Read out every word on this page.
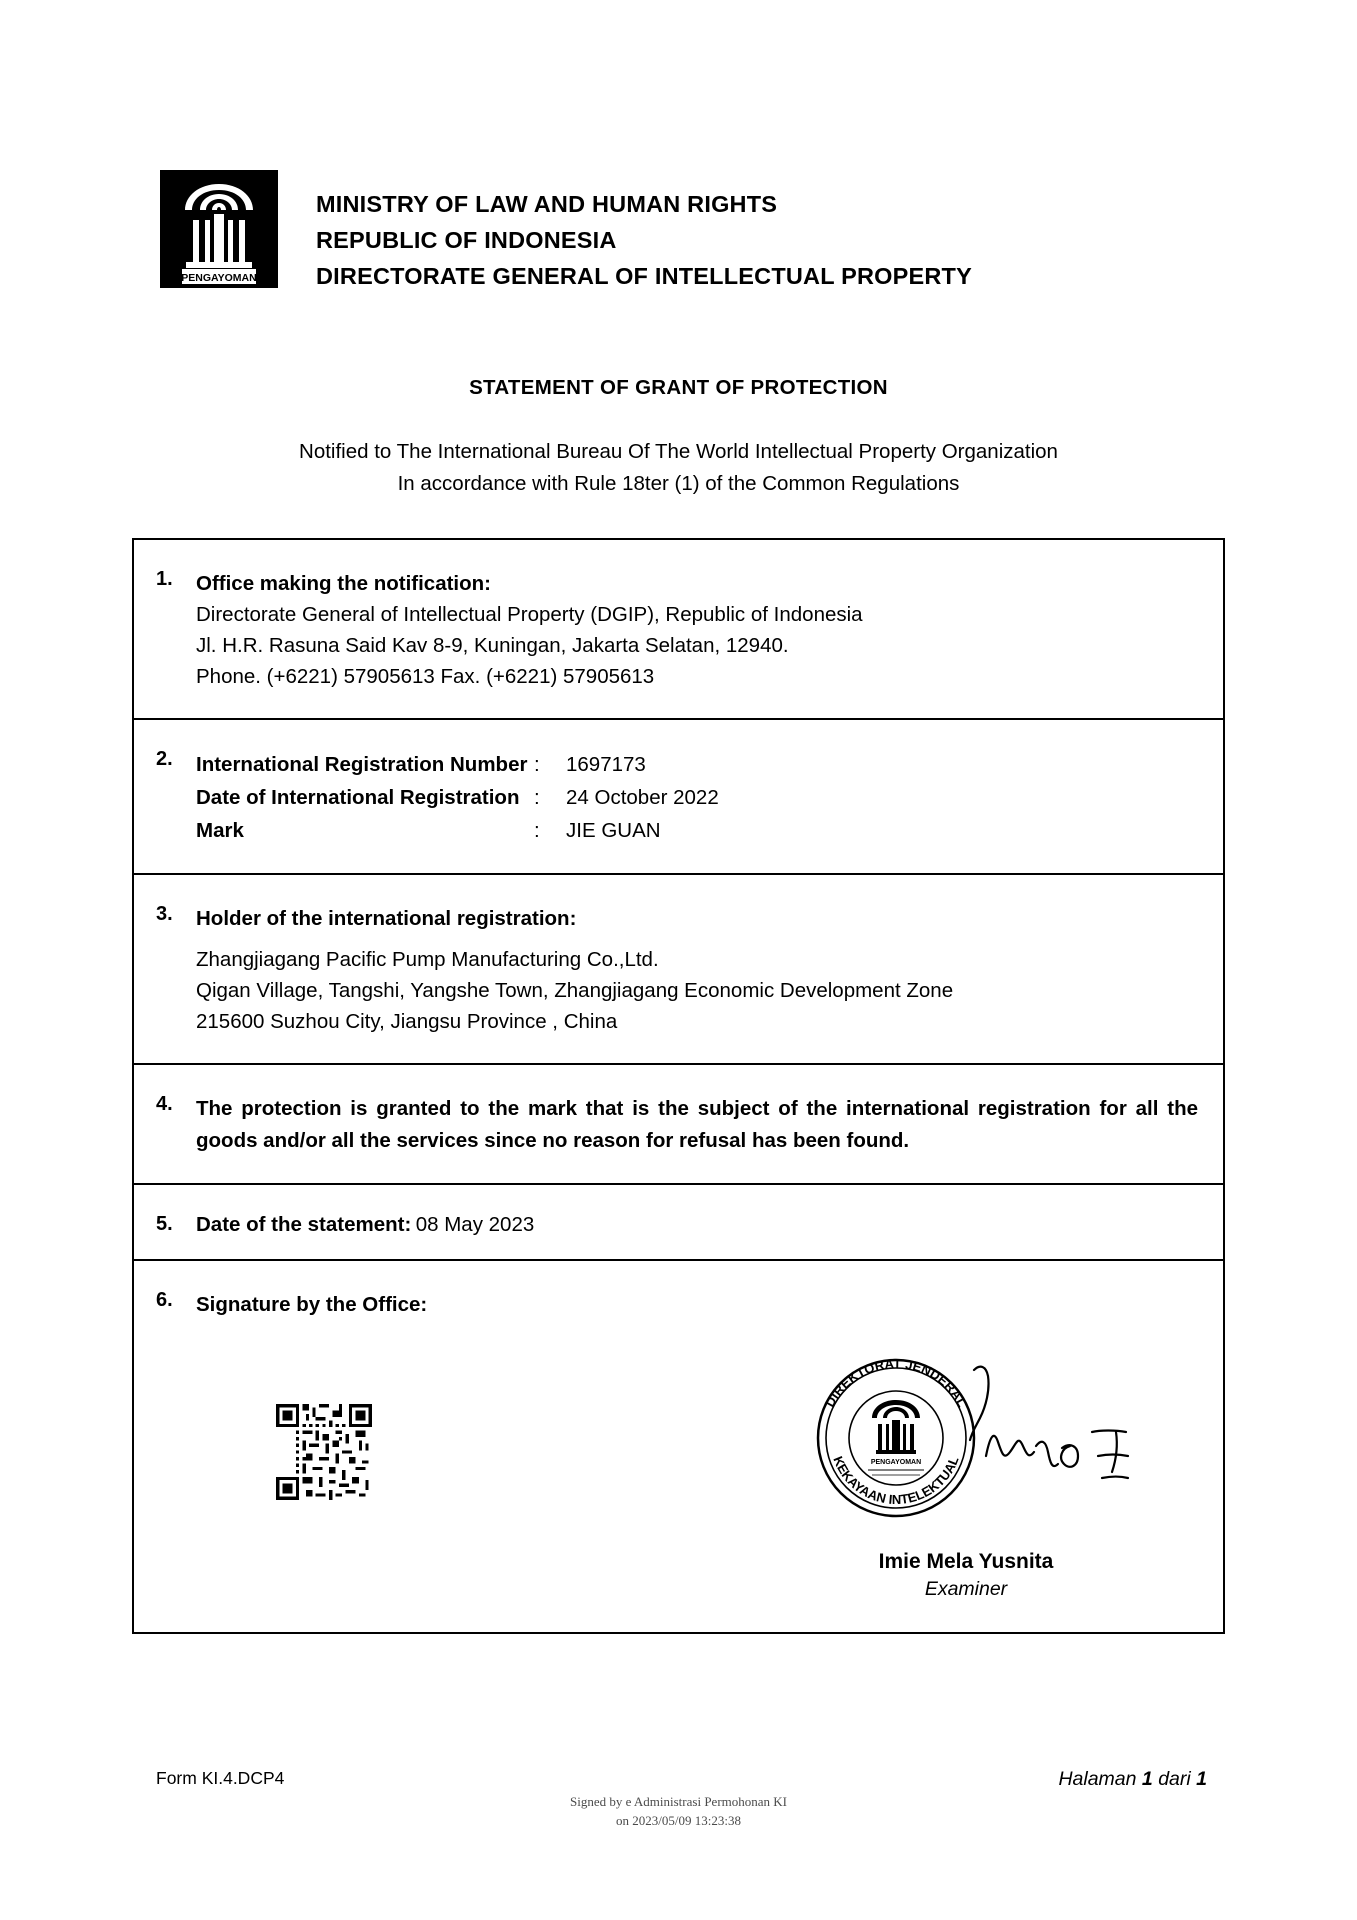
PENGAYOMAN
MINISTRY OF LAW AND HUMAN RIGHTS
REPUBLIC OF INDONESIA
DIRECTORATE GENERAL OF INTELLECTUAL PROPERTY
STATEMENT OF GRANT OF PROTECTION
Notified to The International Bureau Of The World Intellectual Property Organization
In accordance with Rule 18ter (1) of the Common Regulations
1.	Office making the notification:
Directorate General of Intellectual Property (DGIP), Republic of Indonesia
Jl. H.R. Rasuna Said Kav 8-9, Kuningan, Jakarta Selatan, 12940.
Phone. (+6221) 57905613 Fax. (+6221) 57905613
2.	International Registration Number :	1697173
Date of International Registration :	24 October 2022
Mark	:	JIE GUAN
3.	Holder of the international registration:
Zhangjiagang Pacific Pump Manufacturing Co.,Ltd.
Qigan Village, Tangshi, Yangshe Town, Zhangjiagang Economic Development Zone
215600 Suzhou City, Jiangsu Province , China
4.	The protection is granted to the mark that is the subject of the international registration for all the goods and/or all the services since no reason for refusal has been found.
5.	Date of the statement: 08 May 2023
6.	Signature by the Office:
DIREKTORAT JENDERAL
KEKAYAAN INTELEKTUAL
PENGAYOMAN
Imie Mela Yusnita
Examiner
Form KI.4.DCP4	Halaman 1 dari 1
Signed by e Administrasi Permohonan KI
on 2023/05/09 13:23:38
